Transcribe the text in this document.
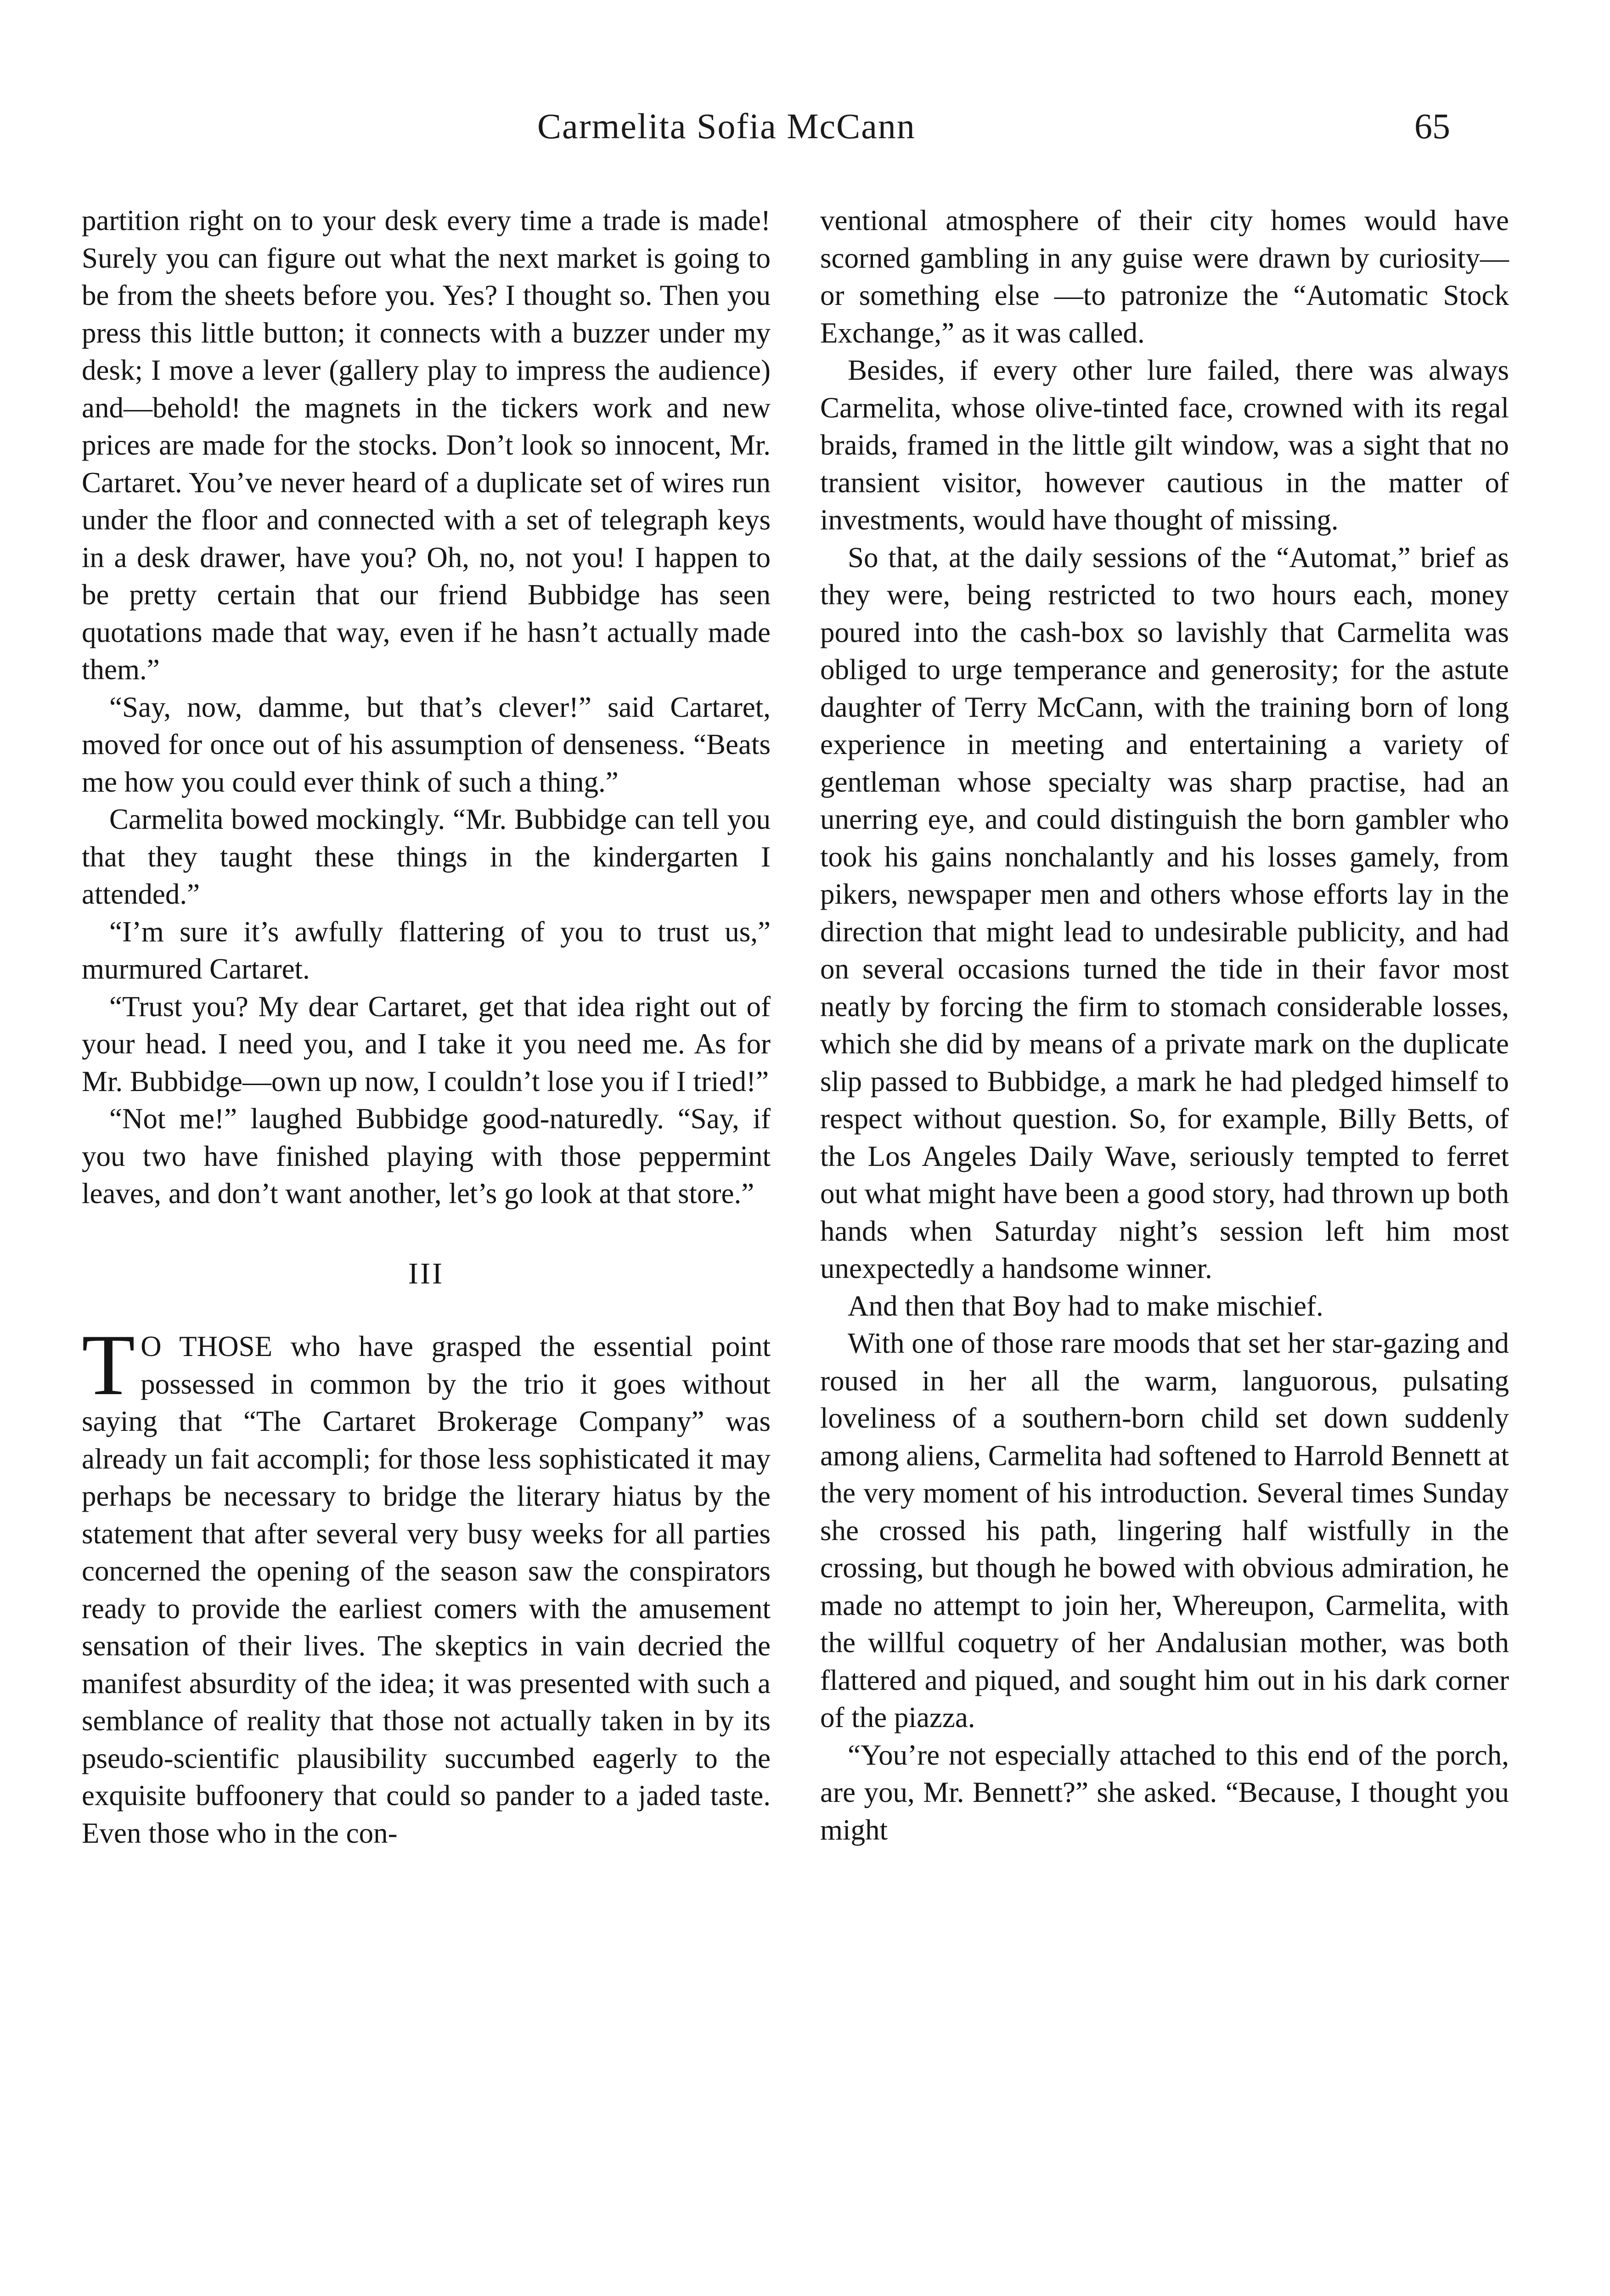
Carmelita Sofia McCann	65

partition right on to your desk every time a trade is made! Surely you can figure out what the next market is going to be from the sheets before you. Yes? I thought so. Then you press this little button; it connects with a buzzer under my desk; I move a lever (gallery play to impress the audience) and—behold! the magnets in the tickers work and new prices are made for the stocks. Don’t look so innocent, Mr. Cartaret. You’ve never heard of a duplicate set of wires run under the floor and connected with a set of telegraph keys in a desk drawer, have you? Oh, no, not you! I happen to be pretty certain that our friend Bubbidge has seen quotations made that way, even if he hasn’t actually made them.”

“Say, now, damme, but that’s clever!” said Cartaret, moved for once out of his assumption of denseness. “Beats me how you could ever think of such a thing.”

Carmelita bowed mockingly. “Mr. Bubbidge can tell you that they taught these things in the kindergarten I attended.”

“I’m sure it’s awfully flattering of you to trust us,” murmured Cartaret.

“Trust you? My dear Cartaret, get that idea right out of your head. I need you, and I take it you need me. As for Mr. Bubbidge—own up now, I couldn’t lose you if I tried!”

“Not me!” laughed Bubbidge good-naturedly. “Say, if you two have finished playing with those peppermint leaves, and don’t want another, let’s go look at that store.”

III

T O THOSE who have grasped the essential point possessed in common by the trio it goes without saying that “The Cartaret Brokerage Company” was already un fait accompli; for those less sophisticated it may perhaps be necessary to bridge the literary hiatus by the statement that after several very busy weeks for all parties concerned the opening of the season saw the conspirators ready to provide the earliest comers with the amusement sensation of their lives. The skeptics in vain decried the manifest absurdity of the idea; it was presented with such a semblance of reality that those not actually taken in by its pseudo-scientific plausibility succumbed eagerly to the exquisite buffoonery that could so pander to a jaded taste. Even those who in the con-

ventional atmosphere of their city homes would have scorned gambling in any guise were drawn by curiosity—or something else —to patronize the “Automatic Stock Exchange,” as it was called.

Besides, if every other lure failed, there was always Carmelita, whose olive-tinted face, crowned with its regal braids, framed in the little gilt window, was a sight that no transient visitor, however cautious in the matter of investments, would have thought of missing.

So that, at the daily sessions of the “Automat,” brief as they were, being restricted to two hours each, money poured into the cash-box so lavishly that Carmelita was obliged to urge temperance and generosity; for the astute daughter of Terry McCann, with the training born of long experience in meeting and entertaining a variety of gentleman whose specialty was sharp practise, had an unerring eye, and could distinguish the born gambler who took his gains nonchalantly and his losses gamely, from pikers, newspaper men and others whose efforts lay in the direction that might lead to undesirable publicity, and had on several occasions turned the tide in their favor most neatly by forcing the firm to stomach considerable losses, which she did by means of a private mark on the duplicate slip passed to Bubbidge, a mark he had pledged himself to respect without question. So, for example, Billy Betts, of the Los Angeles Daily Wave, seriously tempted to ferret out what might have been a good story, had thrown up both hands when Saturday night’s session left him most unexpectedly a handsome winner.

And then that Boy had to make mischief.

With one of those rare moods that set her star-gazing and roused in her all the warm, languorous, pulsating loveliness of a southern-born child set down suddenly among aliens, Carmelita had softened to Harrold Bennett at the very moment of his introduction. Several times Sunday she crossed his path, lingering half wistfully in the crossing, but though he bowed with obvious admiration, he made no attempt to join her, Whereupon, Carmelita, with the willful coquetry of her Andalusian mother, was both flattered and piqued, and sought him out in his dark corner of the piazza.

“You’re not especially attached to this end of the porch, are you, Mr. Bennett?” she asked. “Because, I thought you might
